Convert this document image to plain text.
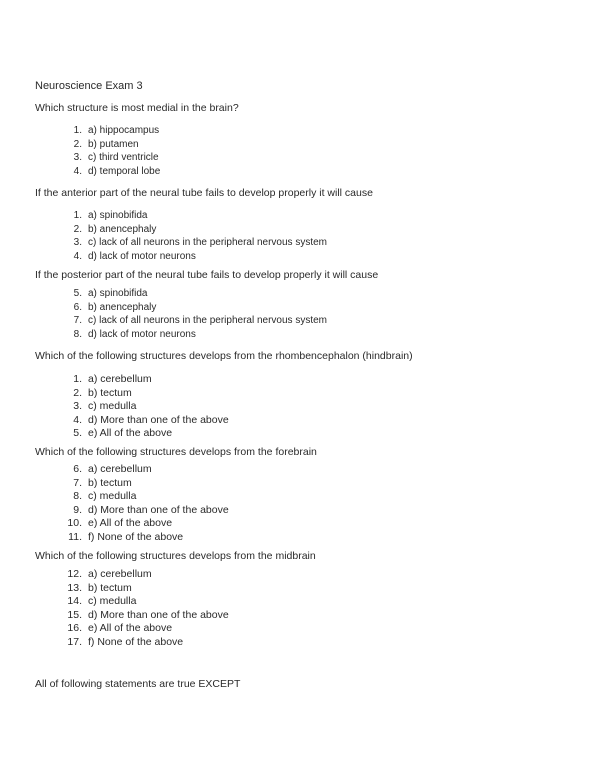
Neuroscience Exam 3
Which structure is most medial in the brain?
1. a) hippocampus
2. b) putamen
3. c) third ventricle
4. d) temporal lobe
If the anterior part of the neural tube fails to develop properly it will cause
1. a) spinobifida
2. b) anencephaly
3. c) lack of all neurons in the peripheral nervous system
4. d) lack of motor neurons
If the posterior part of the neural tube fails to develop properly it will cause
5. a) spinobifida
6. b) anencephaly
7. c) lack of all neurons in the peripheral nervous system
8. d) lack of motor neurons
Which of the following structures develops from the rhombencephalon (hindbrain)
1. a) cerebellum
2. b) tectum
3. c) medulla
4. d) More than one of the above
5. e) All of the above
Which of the following structures develops from the forebrain
6. a) cerebellum
7. b) tectum
8. c) medulla
9. d) More than one of the above
10. e) All of the above
11. f) None of the above
Which of the following structures develops from the midbrain
12. a) cerebellum
13. b) tectum
14. c) medulla
15. d) More than one of the above
16. e) All of the above
17. f) None of the above
All of following statements are true EXCEPT
